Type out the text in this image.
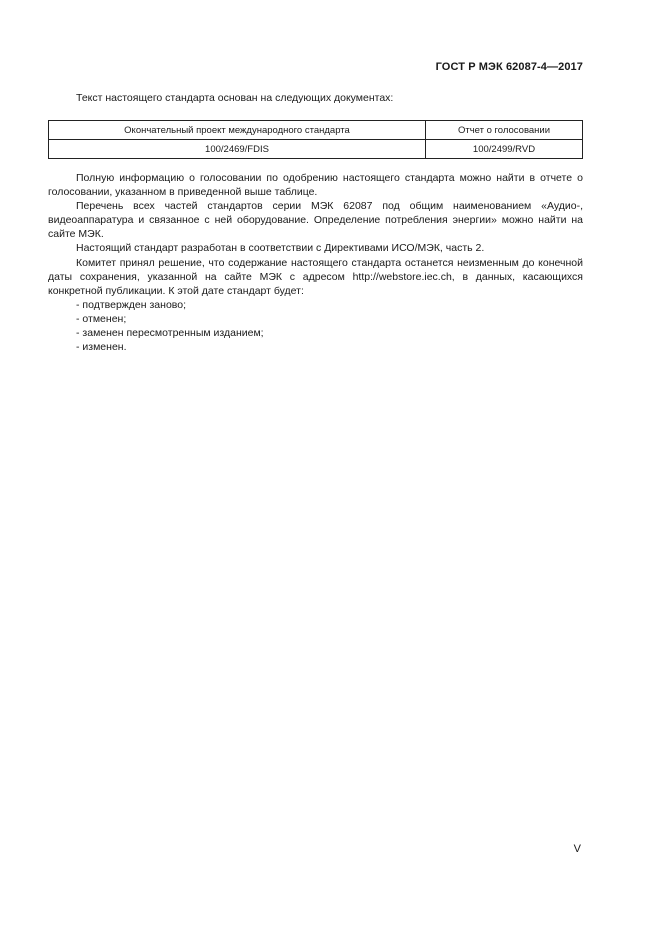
ГОСТ Р МЭК 62087-4—2017
Текст настоящего стандарта основан на следующих документах:
Окончательный проект международного стандарта	Отчет о голосовании
100/2469/FDIS	100/2499/RVD

Полную информацию о голосовании по одобрению настоящего стандарта можно найти в отчете о голосовании, указанном в приведенной выше таблице.

Перечень всех частей стандартов серии МЭК 62087 под общим наименованием «Аудио-, видеоаппаратура и связанное с ней оборудование. Определение потребления энергии» можно найти на сайте МЭК.

Настоящий стандарт разработан в соответствии с Директивами ИСО/МЭК, часть 2.

Комитет принял решение, что содержание настоящего стандарта останется неизменным до конечной даты сохранения, указанной на сайте МЭК с адресом http://webstore.iec.ch, в данных, касающихся конкретной публикации. К этой дате стандарт будет:

- подтвержден заново;
- отменен;
- заменен пересмотренным изданием;
- изменен.
V
